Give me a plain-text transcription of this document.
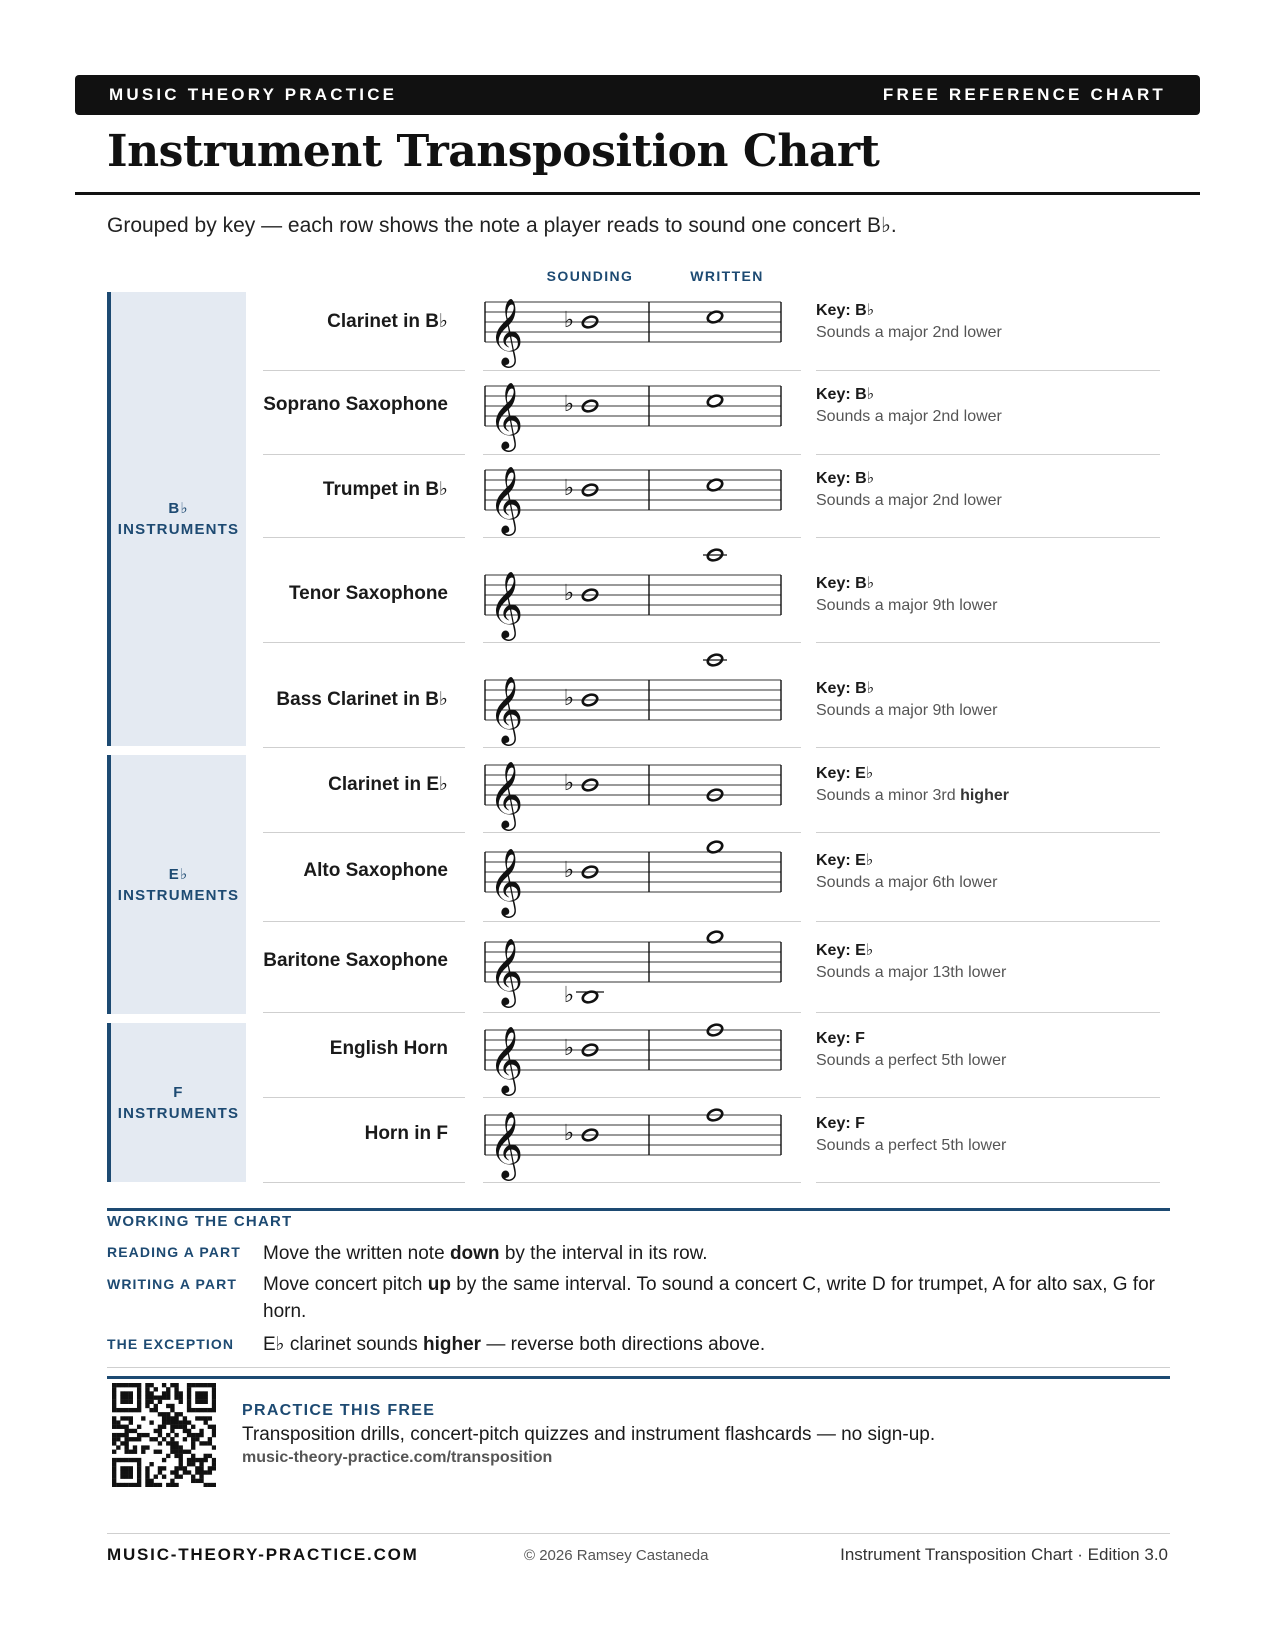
MUSIC THEORY PRACTICE	FREE REFERENCE CHART
Instrument Transposition Chart
Grouped by key — each row shows the note a player reads to sound one concert B♭.
SOUNDING	WRITTEN
B♭
INSTRUMENTS
E♭
INSTRUMENTS
F
INSTRUMENTS
Clarinet in B♭ 𝄞 ♭	Key: B♭
Sounds a major 2nd lower
Soprano Saxophone 𝄞 ♭	Key: B♭
Sounds a major 2nd lower
Trumpet in B♭ 𝄞 ♭	Key: B♭
Sounds a major 2nd lower
Tenor Saxophone 𝄞 ♭	Key: B♭
Sounds a major 9th lower
Bass Clarinet in B♭ 𝄞 ♭	Key: B♭
Sounds a major 9th lower
Clarinet in E♭ 𝄞 ♭	Key: E♭
Sounds a minor 3rd higher
Alto Saxophone 𝄞 ♭	Key: E♭
Sounds a major 6th lower
Baritone Saxophone 𝄞 ♭
Key: E♭
Sounds a major 13th lower
English Horn 𝄞 ♭	Key: F
Sounds a perfect 5th lower
Horn in F 𝄞 ♭	Key: F
Sounds a perfect 5th lower
WORKING THE CHART
READING A PART Move the written note down by the interval in its row.
WRITING A PART Move concert pitch up by the same interval. To sound a concert C, write D for trumpet, A for alto sax, G for horn.
THE EXCEPTION E♭ clarinet sounds higher — reverse both directions above.
PRACTICE THIS FREE
Transposition drills, concert-pitch quizzes and instrument flashcards — no sign-up.
music-theory-practice.com/transposition
MUSIC-THEORY-PRACTICE.COM	© 2026 Ramsey Castaneda	Instrument Transposition Chart · Edition 3.0
